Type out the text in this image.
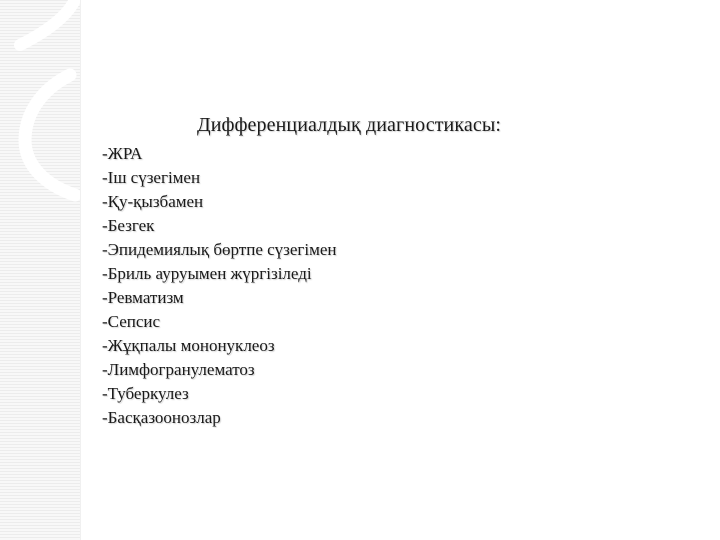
Дифференциалдық диагностикасы:
-ЖРА
-Іш сүзегімен
-Қу-қызбамен
-Безгек
-Эпидемиялық бөртпе сүзегімен
-Бриль ауруымен жүргізіледі
-Ревматизм
-Сепсис
-Жұқпалы мононуклеоз
-Лимфогранулематоз
-Туберкулез
-Басқазоонозлар
